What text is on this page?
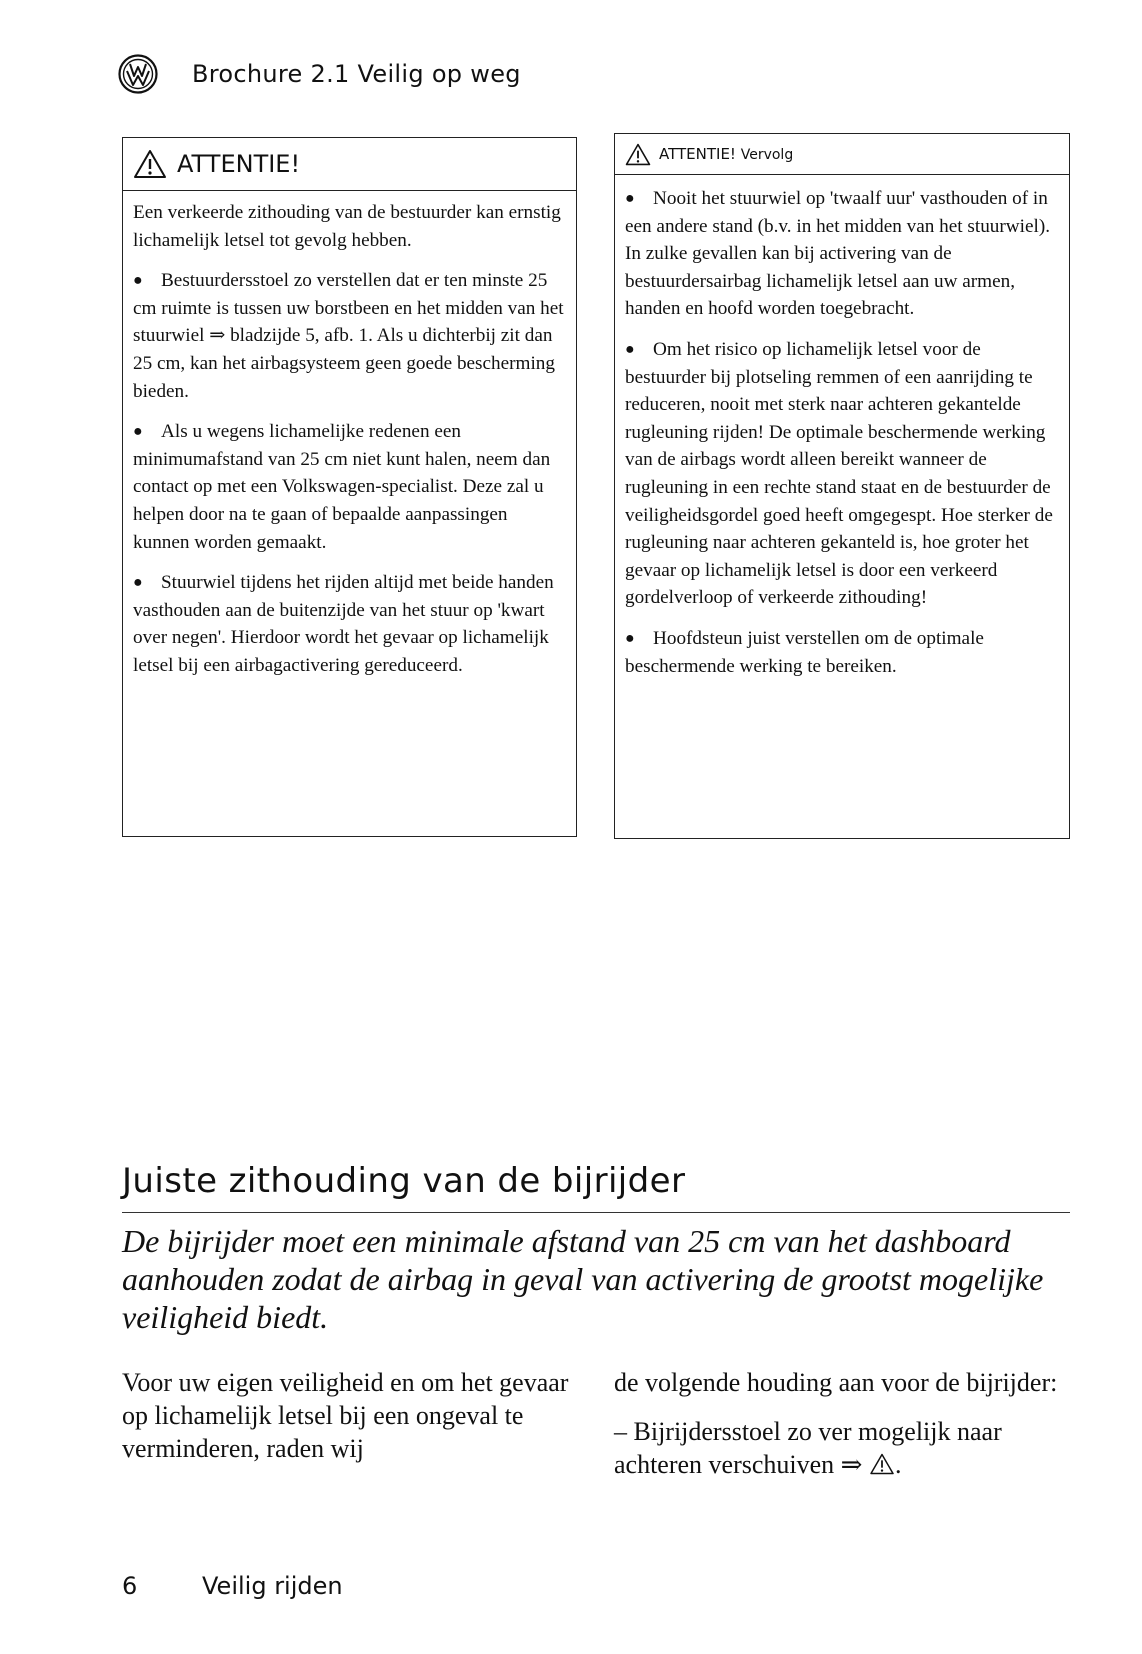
Brochure 2.1 Veilig op weg
ATTENTIE!

Een verkeerde zithouding van de bestuurder kan ernstig lichamelijk letsel tot gevolg hebben.

● Bestuurdersstoel zo verstellen dat er ten minste 25 cm ruimte is tussen uw borstbeen en het midden van het stuurwiel ⇒ bladzijde 5, afb. 1. Als u dichterbij zit dan 25 cm, kan het airbagsysteem geen goede bescherming bieden.

● Als u wegens lichamelijke redenen een minimumafstand van 25 cm niet kunt halen, neem dan contact op met een Volkswagen-specialist. Deze zal u helpen door na te gaan of bepaalde aanpassingen kunnen worden gemaakt.

● Stuurwiel tijdens het rijden altijd met beide handen vasthouden aan de buitenzijde van het stuur op 'kwart over negen'. Hierdoor wordt het gevaar op lichamelijk letsel bij een airbagactivering gereduceerd.

ATTENTIE! Vervolg

● Nooit het stuurwiel op 'twaalf uur' vasthouden of in een andere stand (b.v. in het midden van het stuurwiel). In zulke gevallen kan bij activering van de bestuurdersairbag lichamelijk letsel aan uw armen, handen en hoofd worden toegebracht.

● Om het risico op lichamelijk letsel voor de bestuurder bij plotseling remmen of een aanrijding te reduceren, nooit met sterk naar achteren gekantelde rugleuning rijden! De optimale beschermende werking van de airbags wordt alleen bereikt wanneer de rugleuning in een rechte stand staat en de bestuurder de veiligheidsgordel goed heeft omgegespt. Hoe sterker de rugleuning naar achteren gekanteld is, hoe groter het gevaar op lichamelijk letsel is door een verkeerd gordelverloop of verkeerde zithouding!

● Hoofdsteun juist verstellen om de optimale beschermende werking te bereiken.

Juiste zithouding van de bijrijder
De bijrijder moet een minimale afstand van 25 cm van het dashboard aanhouden zodat de airbag in geval van activering de grootst mogelijke veiligheid biedt.
Voor uw eigen veiligheid en om het gevaar op lichamelijk letsel bij een ongeval te verminderen, raden wij

de volgende houding aan voor de bijrijder:

– Bijrijdersstoel zo ver mogelijk naar achteren verschuiven ⇒ .

6	Veilig rijden
